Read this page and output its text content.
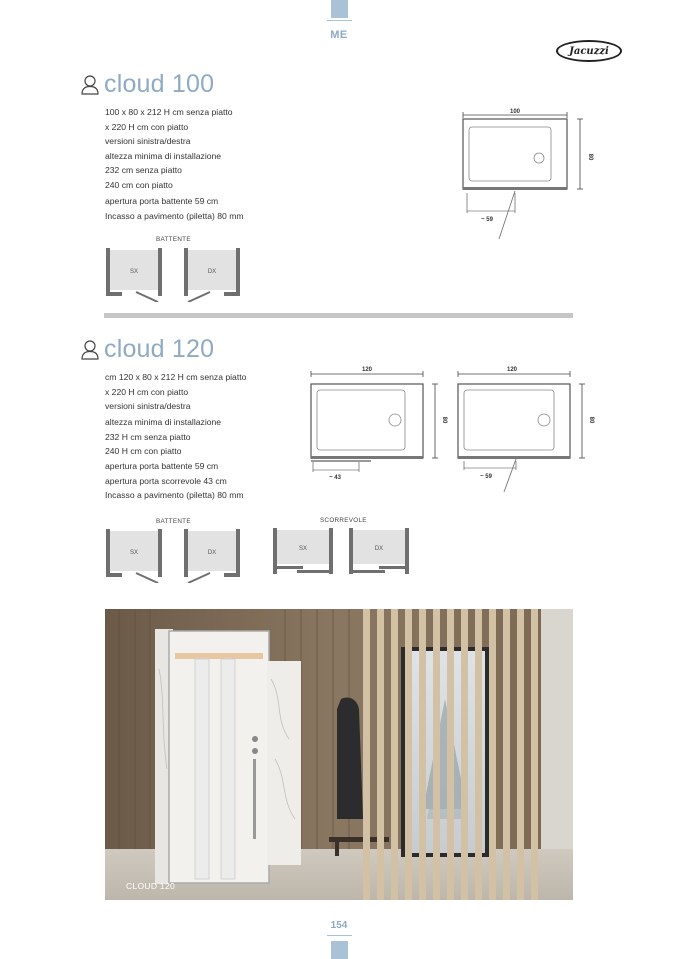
ME
Jacuzzi
cloud 100
100 x 80 x 212 H cm senza piatto
x 220 H cm con piatto
versioni sinistra/destra
altezza minima di installazione
232 cm senza piatto
240 cm con piatto
apertura porta battente 59 cm
Incasso a pavimento (piletta) 80 mm
BATTENTE
SX	DX
100
80
~ 59
cloud 120
cm 120 x 80 x 212 H cm senza piatto
x 220 H cm con piatto
versioni sinistra/destra
altezza minima di installazione
232 H cm senza piatto
240 H cm con piatto
apertura porta battente 59 cm
apertura porta scorrevole 43 cm
Incasso a pavimento (piletta) 80 mm
BATTENTE	SCORREVOLE
SX	DX
SX	DX
120
80
~ 43
120
80
~ 59
CLOUD 120
154
